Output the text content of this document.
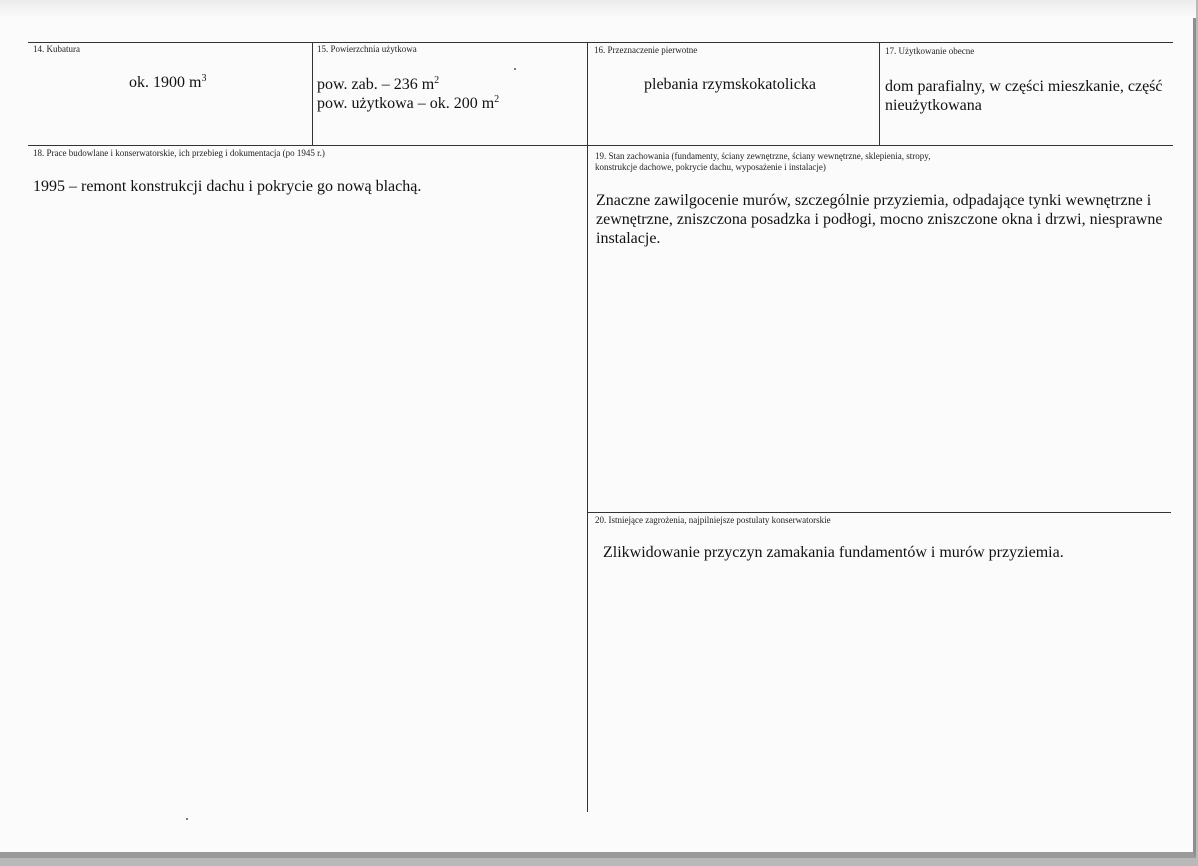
14. Kubatura
ok. 1900 $m^3$
15. Powierzchnia użytkowa
pow. zab. – 236 $m^2$
pow. użytkowa – ok. 200 $m^2$
16. Przeznaczenie pierwotne
plebania rzymskokatolicka
17. Użytkowanie obecne
dom parafialny, w części mieszkanie, część nieużytkowana
18. Prace budowlane i konserwatorskie, ich przebieg i dokumentacja (po 1945 r.)
1995 – remont konstrukcji dachu i pokrycie go nową blachą.
19. Stan zachowania (fundamenty, ściany zewnętrzne, ściany wewnętrzne, sklepienia, stropy,
konstrukcje dachowe, pokrycie dachu, wyposażenie i instalacje)
Znaczne zawilgocenie murów, szczególnie przyziemia, odpadające tynki wewnętrzne i zewnętrzne, zniszczona posadzka i podłogi, mocno zniszczone okna i drzwi, niesprawne instalacje.
20. Istniejące zagrożenia, najpilniejsze postulaty konserwatorskie
Zlikwidowanie przyczyn zamakania fundamentów i murów przyziemia.
